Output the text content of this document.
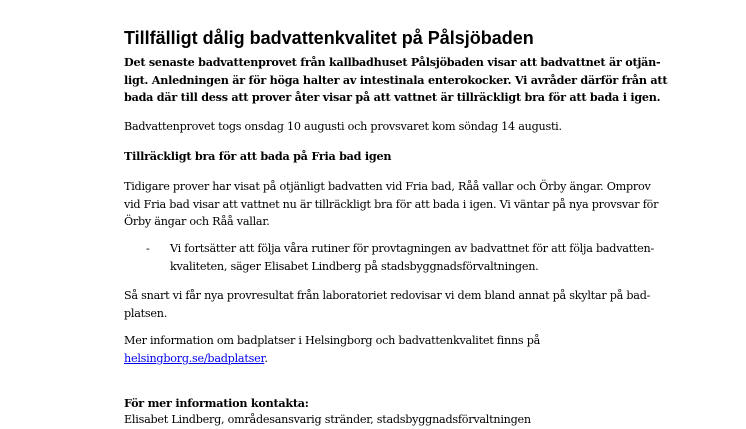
Tillfälligt dålig badvattenkvalitet på Pålsjöbaden
Det senaste badvattenprovet från kallbadhuset Pålsjöbaden visar att badvattnet är otjän-
ligt. Anledningen är för höga halter av intestinala enterokocker. Vi avråder därför från att
bada där till dess att prover åter visar på att vattnet är tillräckligt bra för att bada i igen.
Badvattenprovet togs onsdag 10 augusti och provsvaret kom söndag 14 augusti.
Tillräckligt bra för att bada på Fria bad igen
Tidigare prover har visat på otjänligt badvatten vid Fria bad, Råå vallar och Örby ängar. Omprov
vid Fria bad visar att vattnet nu är tillräckligt bra för att bada i igen. Vi väntar på nya provsvar för
Örby ängar och Råå vallar.
- Vi fortsätter att följa våra rutiner för provtagningen av badvattnet för att följa badvatten-
kvaliteten, säger Elisabet Lindberg på stadsbyggnadsförvaltningen.
Så snart vi får nya provresultat från laboratoriet redovisar vi dem bland annat på skyltar på bad-
platsen.
Mer information om badplatser i Helsingborg och badvattenkvalitet finns på
helsingborg.se/badplatser.
För mer information kontakta:
Elisabet Lindberg, områdesansvarig stränder, stadsbyggnadsförvaltningen
